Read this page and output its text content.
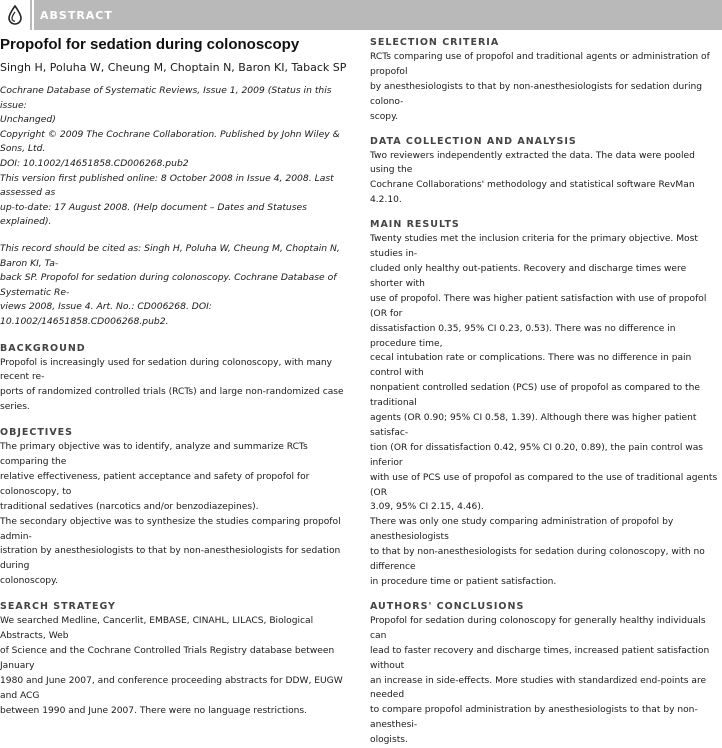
ABSTRACT
Propofol for sedation during colonoscopy

Singh H, Poluha W, Cheung M, Choptain N, Baron KI, Taback SP

Cochrane Database of Systematic Reviews, Issue 1, 2009 (Status in this issue:
Unchanged)
Copyright © 2009 The Cochrane Collaboration. Published by John Wiley & Sons, Ltd.
DOI: 10.1002/14651858.CD006268.pub2
This version first published online: 8 October 2008 in Issue 4, 2008. Last assessed as
up-to-date: 17 August 2008. (Help document – Dates and Statuses explained).
This record should be cited as: Singh H, Poluha W, Cheung M, Choptain N, Baron KI, Ta-
back SP. Propofol for sedation during colonoscopy. Cochrane Database of Systematic Re-
views 2008, Issue 4. Art. No.: CD006268. DOI: 10.1002/14651858.CD006268.pub2.
BACKGROUND
Propofol is increasingly used for sedation during colonoscopy, with many recent re-
ports of randomized controlled trials (RCTs) and large non-randomized case series.
OBJECTIVES
The primary objective was to identify, analyze and summarize RCTs comparing the
relative effectiveness, patient acceptance and safety of propofol for colonoscopy, to
traditional sedatives (narcotics and/or benzodiazepines).
The secondary objective was to synthesize the studies comparing propofol admin-
istration by anesthesiologists to that by non-anesthesiologists for sedation during
colonoscopy.
SEARCH STRATEGY
We searched Medline, Cancerlit, EMBASE, CINAHL, LILACS, Biological Abstracts, Web
of Science and the Cochrane Controlled Trials Registry database between January
1980 and June 2007, and conference proceeding abstracts for DDW, EUGW and ACG
between 1990 and June 2007. There were no language restrictions.
SELECTION CRITERIA
RCTs comparing use of propofol and traditional agents or administration of propofol
by anesthesiologists to that by non-anesthesiologists for sedation during colono-
scopy.
DATA COLLECTION AND ANALYSIS
Two reviewers independently extracted the data. The data were pooled using the
Cochrane Collaborations' methodology and statistical software RevMan 4.2.10.
MAIN RESULTS
Twenty studies met the inclusion criteria for the primary objective. Most studies in-
cluded only healthy out-patients. Recovery and discharge times were shorter with
use of propofol. There was higher patient satisfaction with use of propofol (OR for
dissatisfaction 0.35, 95% CI 0.23, 0.53). There was no difference in procedure time,
cecal intubation rate or complications. There was no difference in pain control with
nonpatient controlled sedation (PCS) use of propofol as compared to the traditional
agents (OR 0.90; 95% CI 0.58, 1.39). Although there was higher patient satisfac-
tion (OR for dissatisfaction 0.42, 95% CI 0.20, 0.89), the pain control was inferior
with use of PCS use of propofol as compared to the use of traditional agents (OR
3.09, 95% CI 2.15, 4.46).
There was only one study comparing administration of propofol by anesthesiologists
to that by non-anesthesiologists for sedation during colonoscopy, with no difference
in procedure time or patient satisfaction.
AUTHORS' CONCLUSIONS
Propofol for sedation during colonoscopy for generally healthy individuals can
lead to faster recovery and discharge times, increased patient satisfaction without
an increase in side-effects. More studies with standardized end-points are needed
to compare propofol administration by anesthesiologists to that by non-anesthesi-
ologists.
